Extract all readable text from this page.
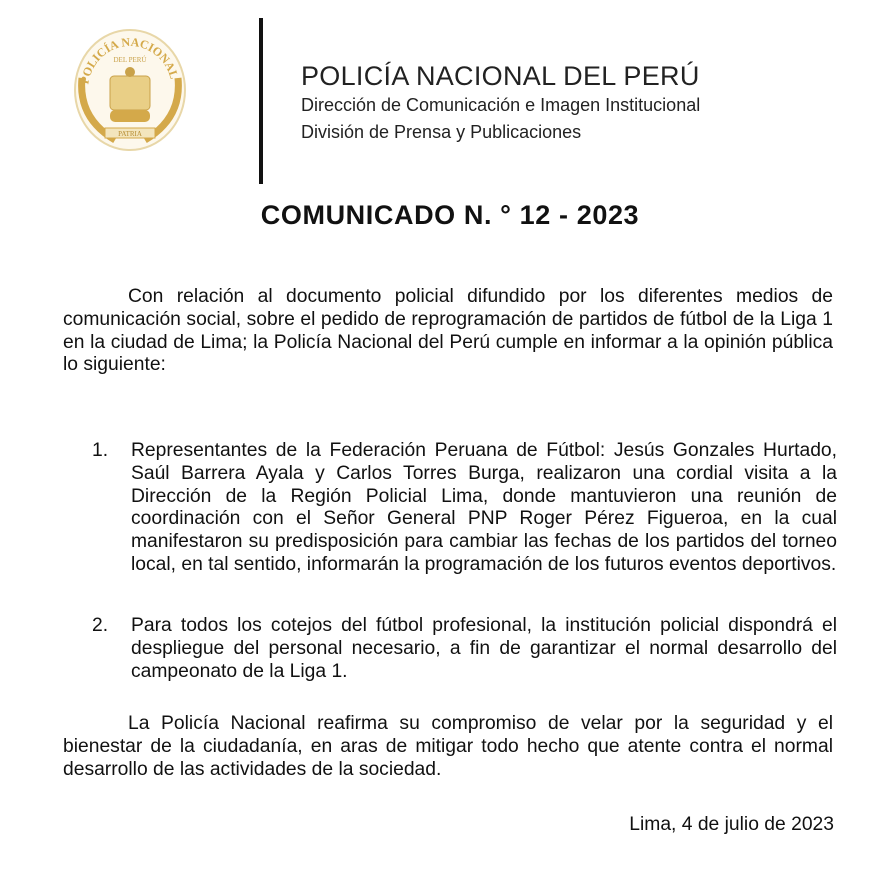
POLICÍA NACIONAL
DEL PERÚ
PATRIA
POLICÍA NACIONAL DEL PERÚ
Dirección de Comunicación e Imagen Institucional
División de Prensa y Publicaciones
COMUNICADO N. ° 12 - 2023
Con relación al documento policial difundido por los diferentes medios de comunicación social, sobre el pedido de reprogramación de partidos de fútbol de la Liga 1 en la ciudad de Lima; la Policía Nacional del Perú cumple en informar a la opinión pública lo siguiente:
1. Representantes de la Federación Peruana de Fútbol: Jesús Gonzales Hurtado, Saúl Barrera Ayala y Carlos Torres Burga, realizaron una cordial visita a la Dirección de la Región Policial Lima, donde mantuvieron una reunión de coordinación con el Señor General PNP Roger Pérez Figueroa, en la cual manifestaron su predisposición para cambiar las fechas de los partidos del torneo local, en tal sentido, informarán la programación de los futuros eventos deportivos.
2. Para todos los cotejos del fútbol profesional, la institución policial dispondrá el despliegue del personal necesario, a fin de garantizar el normal desarrollo del campeonato de la Liga 1.
La Policía Nacional reafirma su compromiso de velar por la seguridad y el bienestar de la ciudadanía, en aras de mitigar todo hecho que atente contra el normal desarrollo de las actividades de la sociedad.
Lima, 4 de julio de 2023
